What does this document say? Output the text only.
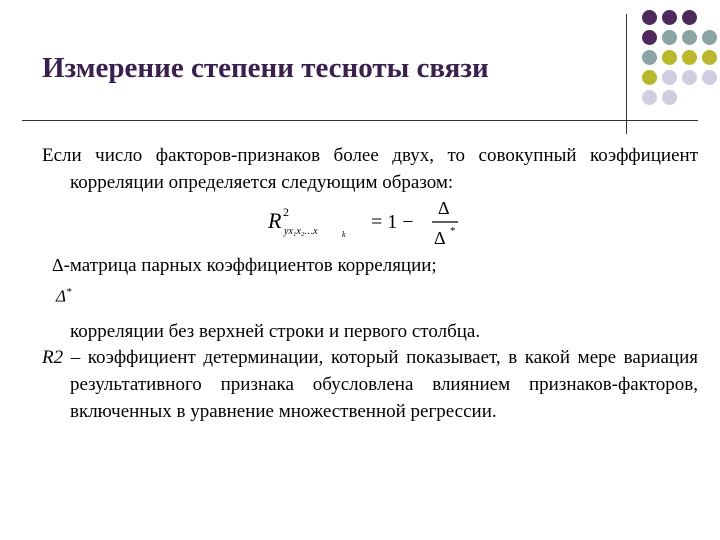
Измерение степени тесноты связи
Если число факторов-признаков более двух, то совокупный коэффициент корреляции определяется следующим образом:
R 2
yx₁x₂…x	k
= 1 −
Δ
Δ *
Δ-матрица парных коэффициентов корреляции;
Δ*
корреляции без верхней строки и первого столбца.
R2 – коэффициент детерминации, который показывает, в какой мере вариация результативного признака обусловлена влиянием признаков-факторов, включенных в уравнение множественной регрессии.
